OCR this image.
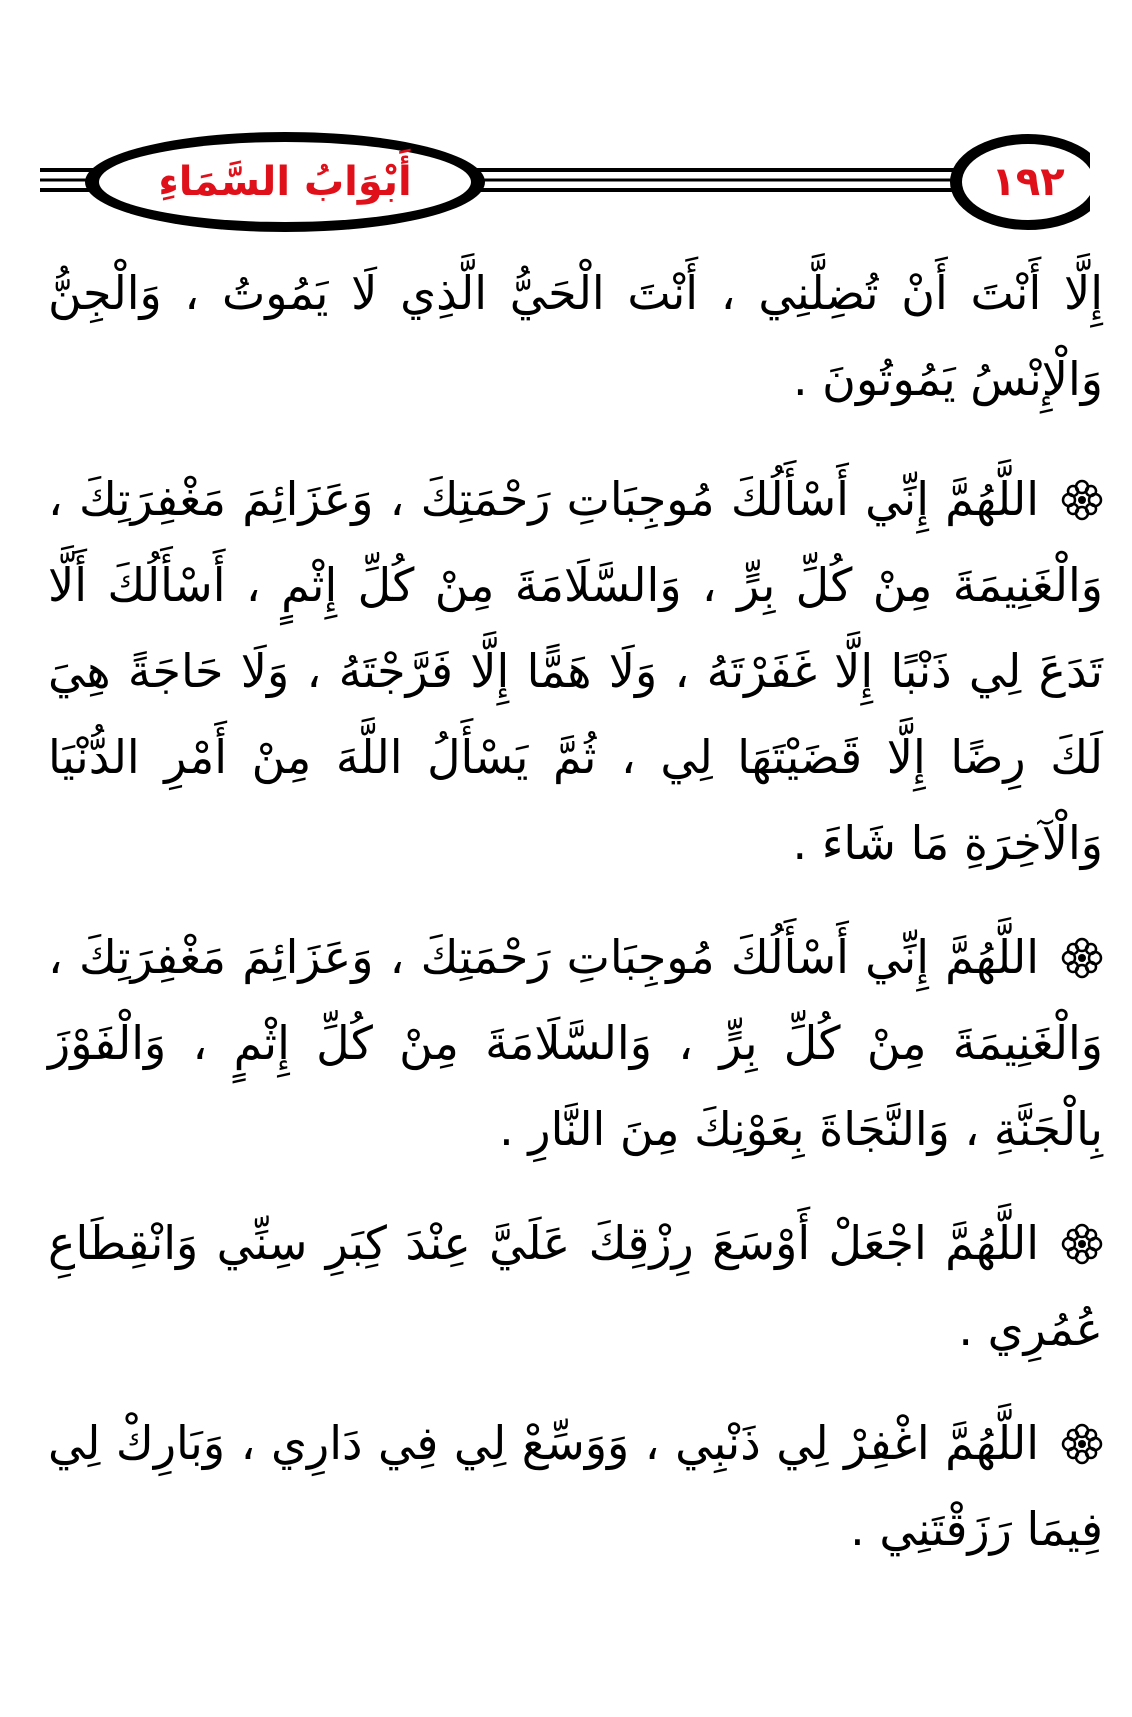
أَبْوَابُ السَّمَاءِ	١٩٢

إِلَّا أَنْتَ أَنْ تُضِلَّنِي ، أَنْتَ الْحَيُّ الَّذِي لَا يَمُوتُ ، وَالْجِنُّ وَالْإِنْسُ يَمُوتُونَ .

اللَّهُمَّ إِنِّي أَسْأَلُكَ مُوجِبَاتِ رَحْمَتِكَ ، وَعَزَائِمَ مَغْفِرَتِكَ ، وَالْغَنِيمَةَ مِنْ كُلِّ بِرٍّ ، وَالسَّلَامَةَ مِنْ كُلِّ إِثْمٍ ، أَسْأَلُكَ أَلَّا تَدَعَ لِي ذَنْبًا إِلَّا غَفَرْتَهُ ، وَلَا هَمًّا إِلَّا فَرَّجْتَهُ ، وَلَا حَاجَةً هِيَ لَكَ رِضًا إِلَّا قَضَيْتَهَا لِي ، ثُمَّ يَسْأَلُ اللَّهَ مِنْ أَمْرِ الدُّنْيَا وَالْآخِرَةِ مَا شَاءَ .

اللَّهُمَّ إِنِّي أَسْأَلُكَ مُوجِبَاتِ رَحْمَتِكَ ، وَعَزَائِمَ مَغْفِرَتِكَ ، وَالْغَنِيمَةَ مِنْ كُلِّ بِرٍّ ، وَالسَّلَامَةَ مِنْ كُلِّ إِثْمٍ ، وَالْفَوْزَ بِالْجَنَّةِ ، وَالنَّجَاةَ بِعَوْنِكَ مِنَ النَّارِ .

اللَّهُمَّ اجْعَلْ أَوْسَعَ رِزْقِكَ عَلَيَّ عِنْدَ كِبَرِ سِنِّي وَانْقِطَاعِ عُمُرِي .

اللَّهُمَّ اغْفِرْ لِي ذَنْبِي ، وَوَسِّعْ لِي فِي دَارِي ، وَبَارِكْ لِي فِيمَا رَزَقْتَنِي .
